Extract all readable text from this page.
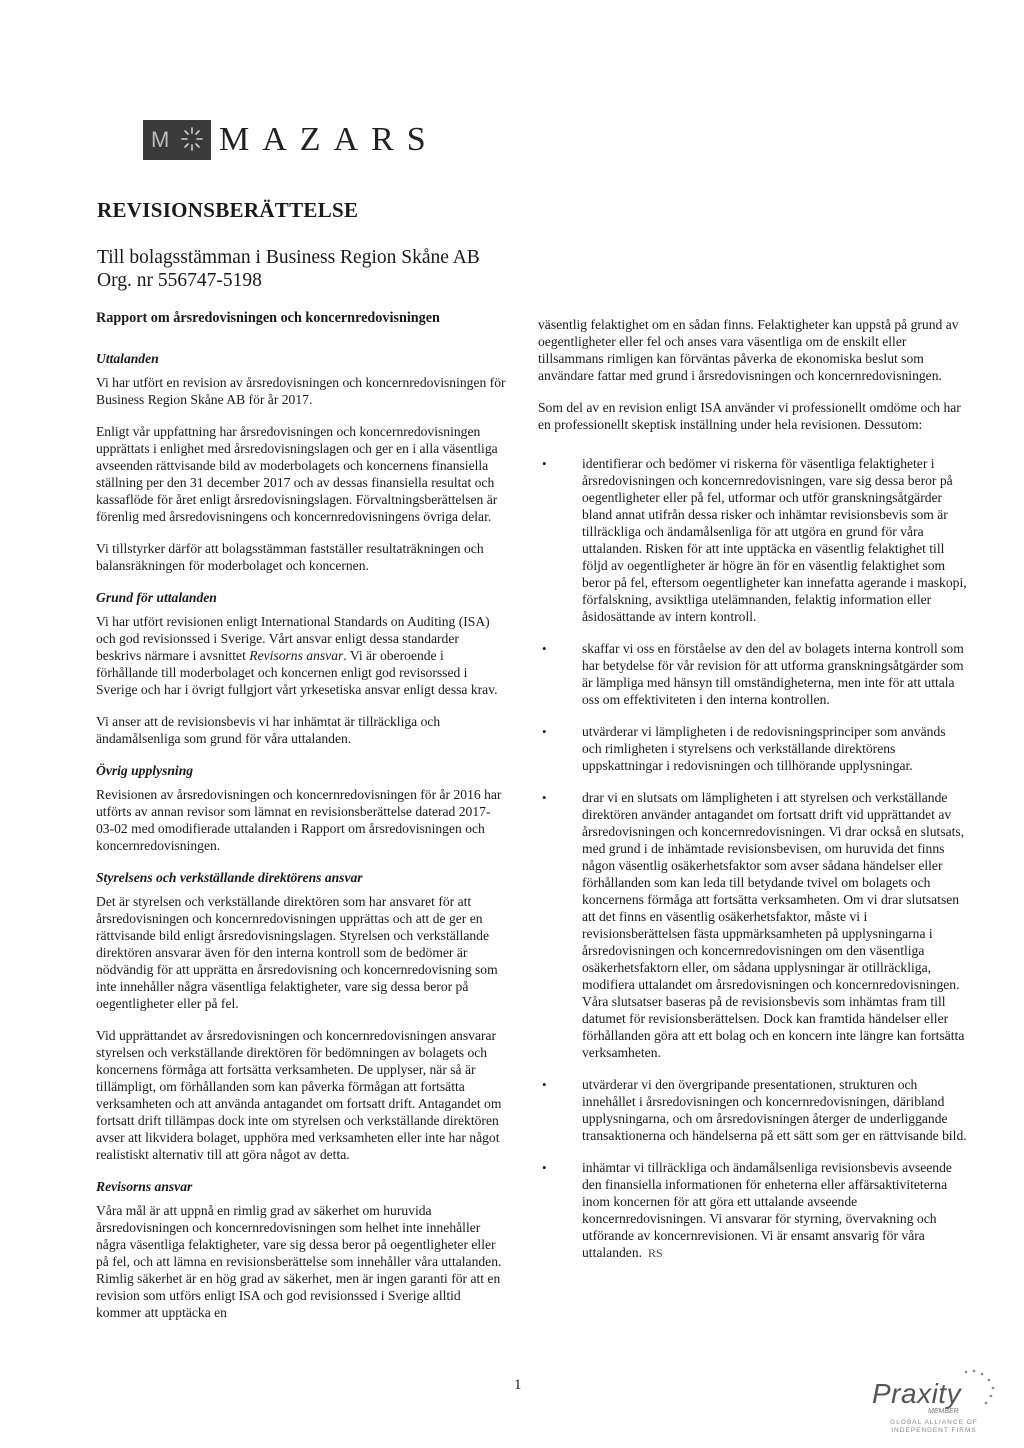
M MAZARS
REVISIONSBERÄTTELSE
Till bolagsstämman i Business Region Skåne AB
Org. nr 556747-5198
Rapport om årsredovisningen och koncernredovisningen
Uttalanden

Vi har utfört en revision av årsredovisningen och koncernredovisningen för Business Region Skåne AB för år 2017.

Enligt vår uppfattning har årsredovisningen och koncernredovisningen upprättats i enlighet med årsredovisningslagen och ger en i alla väsentliga avseenden rättvisande bild av moderbolagets och koncernens finansiella ställning per den 31 december 2017 och av dessas finansiella resultat och kassaflöde för året enligt årsredovisningslagen. Förvaltningsberättelsen är förenlig med årsredovisningens och koncernredovisningens övriga delar.

Vi tillstyrker därför att bolagsstämman fastställer resultaträkningen och balansräkningen för moderbolaget och koncernen.

Grund för uttalanden

Vi har utfört revisionen enligt International Standards on Auditing (ISA) och god revisionssed i Sverige. Vårt ansvar enligt dessa standarder beskrivs närmare i avsnittet Revisorns ansvar. Vi är oberoende i förhållande till moderbolaget och koncernen enligt god revisorssed i Sverige och har i övrigt fullgjort vårt yrkesetiska ansvar enligt dessa krav.

Vi anser att de revisionsbevis vi har inhämtat är tillräckliga och ändamålsenliga som grund för våra uttalanden.

Övrig upplysning

Revisionen av årsredovisningen och koncernredovisningen för år 2016 har utförts av annan revisor som lämnat en revisionsberättelse daterad 2017-03-02 med omodifierade uttalanden i Rapport om årsredovisningen och koncernredovisningen.

Styrelsens och verkställande direktörens ansvar

Det är styrelsen och verkställande direktören som har ansvaret för att årsredovisningen och koncernredovisningen upprättas och att de ger en rättvisande bild enligt årsredovisningslagen. Styrelsen och verkställande direktören ansvarar även för den interna kontroll som de bedömer är nödvändig för att upprätta en årsredovisning och koncernredovisning som inte innehåller några väsentliga felaktigheter, vare sig dessa beror på oegentligheter eller på fel.

Vid upprättandet av årsredovisningen och koncernredovisningen ansvarar styrelsen och verkställande direktören för bedömningen av bolagets och koncernens förmåga att fortsätta verksamheten. De upplyser, när så är tillämpligt, om förhållanden som kan påverka förmågan att fortsätta verksamheten och att använda antagandet om fortsatt drift. Antagandet om fortsatt drift tillämpas dock inte om styrelsen och verkställande direktören avser att likvidera bolaget, upphöra med verksamheten eller inte har något realistiskt alternativ till att göra något av detta.

Revisorns ansvar

Våra mål är att uppnå en rimlig grad av säkerhet om huruvida årsredovisningen och koncernredovisningen som helhet inte innehåller några väsentliga felaktigheter, vare sig dessa beror på oegentligheter eller på fel, och att lämna en revisionsberättelse som innehåller våra uttalanden. Rimlig säkerhet är en hög grad av säkerhet, men är ingen garanti för att en revision som utförs enligt ISA och god revisionssed i Sverige alltid kommer att upptäcka en

väsentlig felaktighet om en sådan finns. Felaktigheter kan uppstå på grund av oegentligheter eller fel och anses vara väsentliga om de enskilt eller tillsammans rimligen kan förväntas påverka de ekonomiska beslut som användare fattar med grund i årsredovisningen och koncernredovisningen.

Som del av en revision enligt ISA använder vi professionellt omdöme och har en professionellt skeptisk inställning under hela revisionen. Dessutom:

• identifierar och bedömer vi riskerna för väsentliga felaktigheter i årsredovisningen och koncernredovisningen, vare sig dessa beror på oegentligheter eller på fel, utformar och utför granskningsåtgärder bland annat utifrån dessa risker och inhämtar revisionsbevis som är tillräckliga och ändamålsenliga för att utgöra en grund för våra uttalanden. Risken för att inte upptäcka en väsentlig felaktighet till följd av oegentligheter är högre än för en väsentlig felaktighet som beror på fel, eftersom oegentligheter kan innefatta agerande i maskopi, förfalskning, avsiktliga utelämnanden, felaktig information eller åsidosättande av intern kontroll.
• skaffar vi oss en förståelse av den del av bolagets interna kontroll som har betydelse för vår revision för att utforma granskningsåtgärder som är lämpliga med hänsyn till omständigheterna, men inte för att uttala oss om effektiviteten i den interna kontrollen.
• utvärderar vi lämpligheten i de redovisningsprinciper som används och rimligheten i styrelsens och verkställande direktörens uppskattningar i redovisningen och tillhörande upplysningar.
• drar vi en slutsats om lämpligheten i att styrelsen och verkställande direktören använder antagandet om fortsatt drift vid upprättandet av årsredovisningen och koncernredovisningen. Vi drar också en slutsats, med grund i de inhämtade revisionsbevisen, om huruvida det finns någon väsentlig osäkerhetsfaktor som avser sådana händelser eller förhållanden som kan leda till betydande tvivel om bolagets och koncernens förmåga att fortsätta verksamheten. Om vi drar slutsatsen att det finns en väsentlig osäkerhetsfaktor, måste vi i revisionsberättelsen fästa uppmärksamheten på upplysningarna i årsredovisningen och koncernredovisningen om den väsentliga osäkerhetsfaktorn eller, om sådana upplysningar är otillräckliga, modifiera uttalandet om årsredovisningen och koncernredovisningen. Våra slutsatser baseras på de revisionsbevis som inhämtas fram till datumet för revisionsberättelsen. Dock kan framtida händelser eller förhållanden göra att ett bolag och en koncern inte längre kan fortsätta verksamheten.
• utvärderar vi den övergripande presentationen, strukturen och innehållet i årsredovisningen och koncernredovisningen, däribland upplysningarna, och om årsredovisningen återger de underliggande transaktionerna och händelserna på ett sätt som ger en rättvisande bild.
• inhämtar vi tillräckliga och ändamålsenliga revisionsbevis avseende den finansiella informationen för enheterna eller affärsaktiviteterna inom koncernen för att göra ett uttalande avseende koncernredovisningen. Vi ansvarar för styrning, övervakning och utförande av koncernrevisionen. Vi är ensamt ansvarig för våra uttalanden. RS
1	Praxity
MEMBER
GLOBAL ALLIANCE OF
INDEPENDENT FIRMS
